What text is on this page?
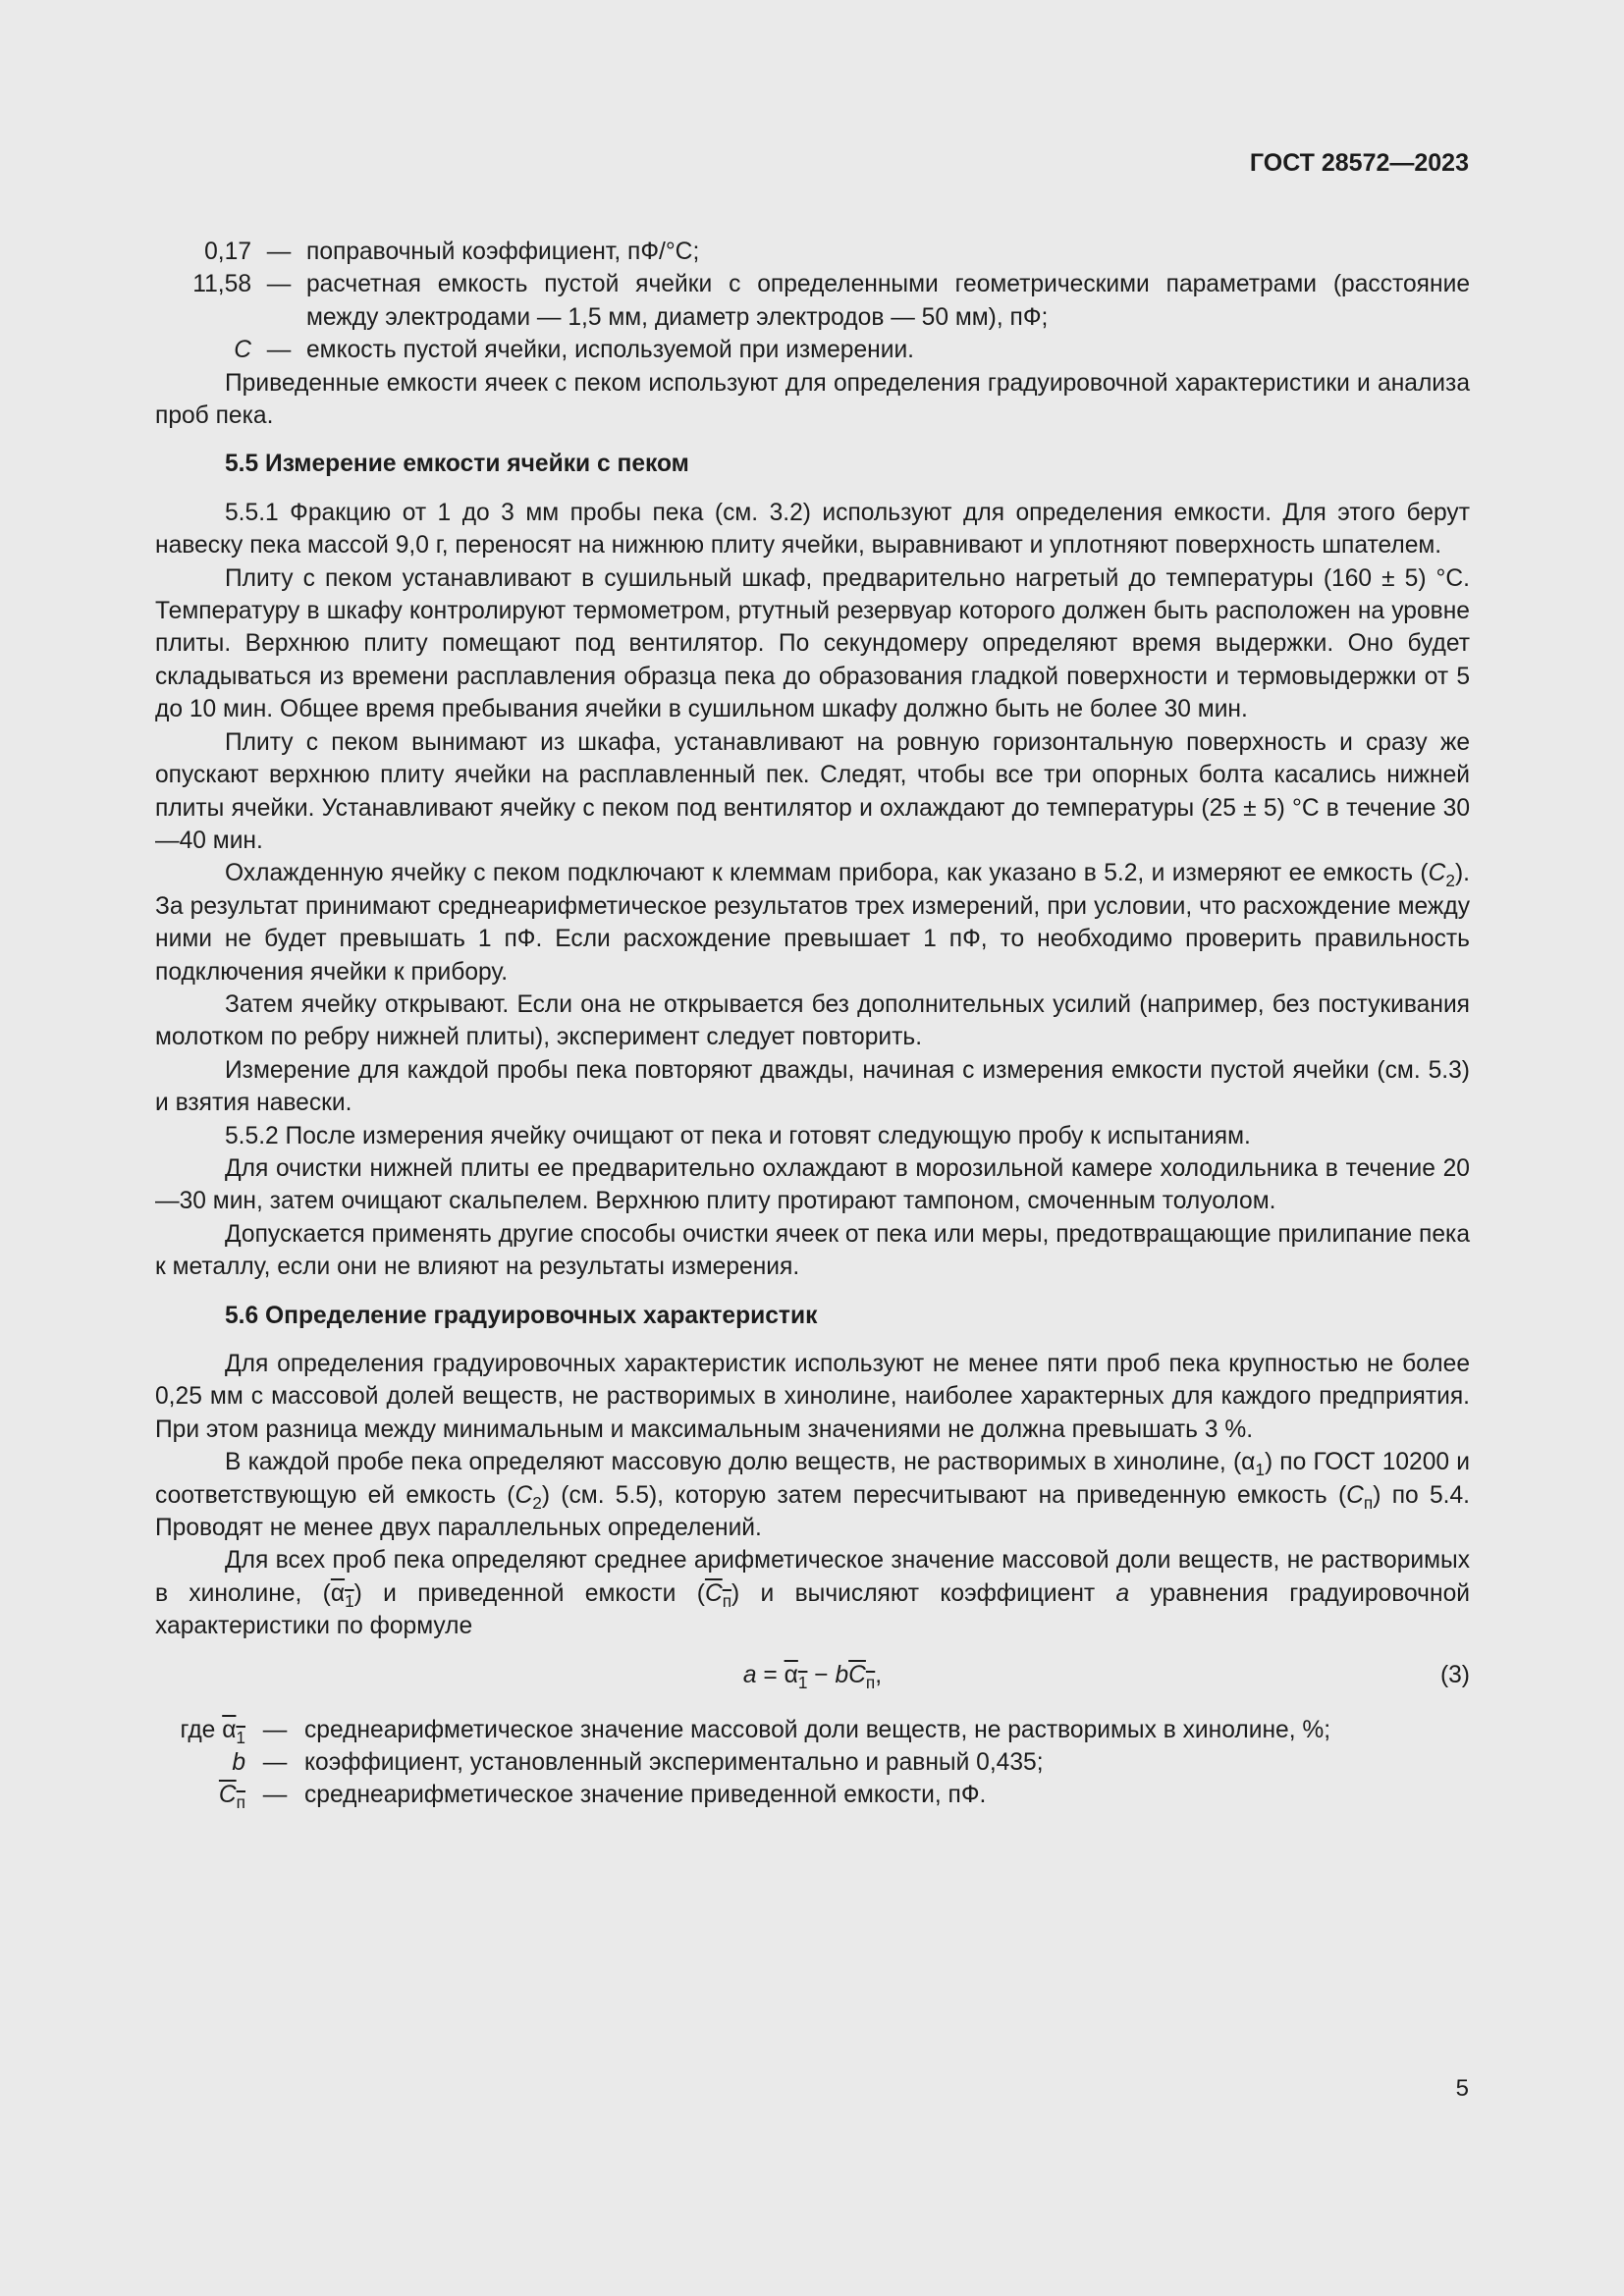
ГОСТ 28572—2023
0,17 — поправочный коэффициент, пФ/°С;
11,58 — расчетная емкость пустой ячейки с определенными геометрическими параметрами (расстояние между электродами — 1,5 мм, диаметр электродов — 50 мм), пФ;
C — емкость пустой ячейки, используемой при измерении.

Приведенные емкости ячеек с пеком используют для определения градуировочной характеристики и анализа проб пека.

5.5 Измерение емкости ячейки с пеком

5.5.1 Фракцию от 1 до 3 мм пробы пека (см. 3.2) используют для определения емкости. Для этого берут навеску пека массой 9,0 г, переносят на нижнюю плиту ячейки, выравнивают и уплотняют поверхность шпателем.

Плиту с пеком устанавливают в сушильный шкаф, предварительно нагретый до температуры (160 ± 5) °С. Температуру в шкафу контролируют термометром, ртутный резервуар которого должен быть расположен на уровне плиты. Верхнюю плиту помещают под вентилятор. По секундомеру определяют время выдержки. Оно будет складываться из времени расплавления образца пека до образования гладкой поверхности и термовыдержки от 5 до 10 мин. Общее время пребывания ячейки в сушильном шкафу должно быть не более 30 мин.

Плиту с пеком вынимают из шкафа, устанавливают на ровную горизонтальную поверхность и сразу же опускают верхнюю плиту ячейки на расплавленный пек. Следят, чтобы все три опорных болта касались нижней плиты ячейки. Устанавливают ячейку с пеком под вентилятор и охлаждают до температуры (25 ± 5) °С в течение 30—40 мин.

Охлажденную ячейку с пеком подключают к клеммам прибора, как указано в 5.2, и измеряют ее емкость $(C_2)$. За результат принимают среднеарифметическое результатов трех измерений, при условии, что расхождение между ними не будет превышать 1 пФ. Если расхождение превышает 1 пФ, то необходимо проверить правильность подключения ячейки к прибору.

Затем ячейку открывают. Если она не открывается без дополнительных усилий (например, без постукивания молотком по ребру нижней плиты), эксперимент следует повторить.

Измерение для каждой пробы пека повторяют дважды, начиная с измерения емкости пустой ячейки (см. 5.3) и взятия навески.

5.5.2 После измерения ячейку очищают от пека и готовят следующую пробу к испытаниям.

Для очистки нижней плиты ее предварительно охлаждают в морозильной камере холодильника в течение 20—30 мин, затем очищают скальпелем. Верхнюю плиту протирают тампоном, смоченным толуолом.

Допускается применять другие способы очистки ячеек от пека или меры, предотвращающие прилипание пека к металлу, если они не влияют на результаты измерения.

5.6 Определение градуировочных характеристик

Для определения градуировочных характеристик используют не менее пяти проб пека крупностью не более 0,25 мм с массовой долей веществ, не растворимых в хинолине, наиболее характерных для каждого предприятия. При этом разница между минимальным и максимальным значениями не должна превышать 3 %.

В каждой пробе пека определяют массовую долю веществ, не растворимых в хинолине, $(\alpha_1)$ по ГОСТ 10200 и соответствующую ей емкость $(C_2)$ (см. 5.5), которую затем пересчитывают на приведенную емкость $(C_п)$ по 5.4. Проводят не менее двух параллельных определений.

Для всех проб пека определяют среднее арифметическое значение массовой доли веществ, не растворимых в хинолине, $(\alpha_1)$ и приведенной емкости $(C_п)$ и вычисляют коэффициент a уравнения градуировочной характеристики по формуле

$a = \alpha_1 - bC_п$,	(3)
где $\alpha_1$ — среднеарифметическое значение массовой доли веществ, не растворимых в хинолине, %;
b — коэффициент, установленный экспериментально и равный 0,435;
$C_п$ — среднеарифметическое значение приведенной емкости, пФ.
5
